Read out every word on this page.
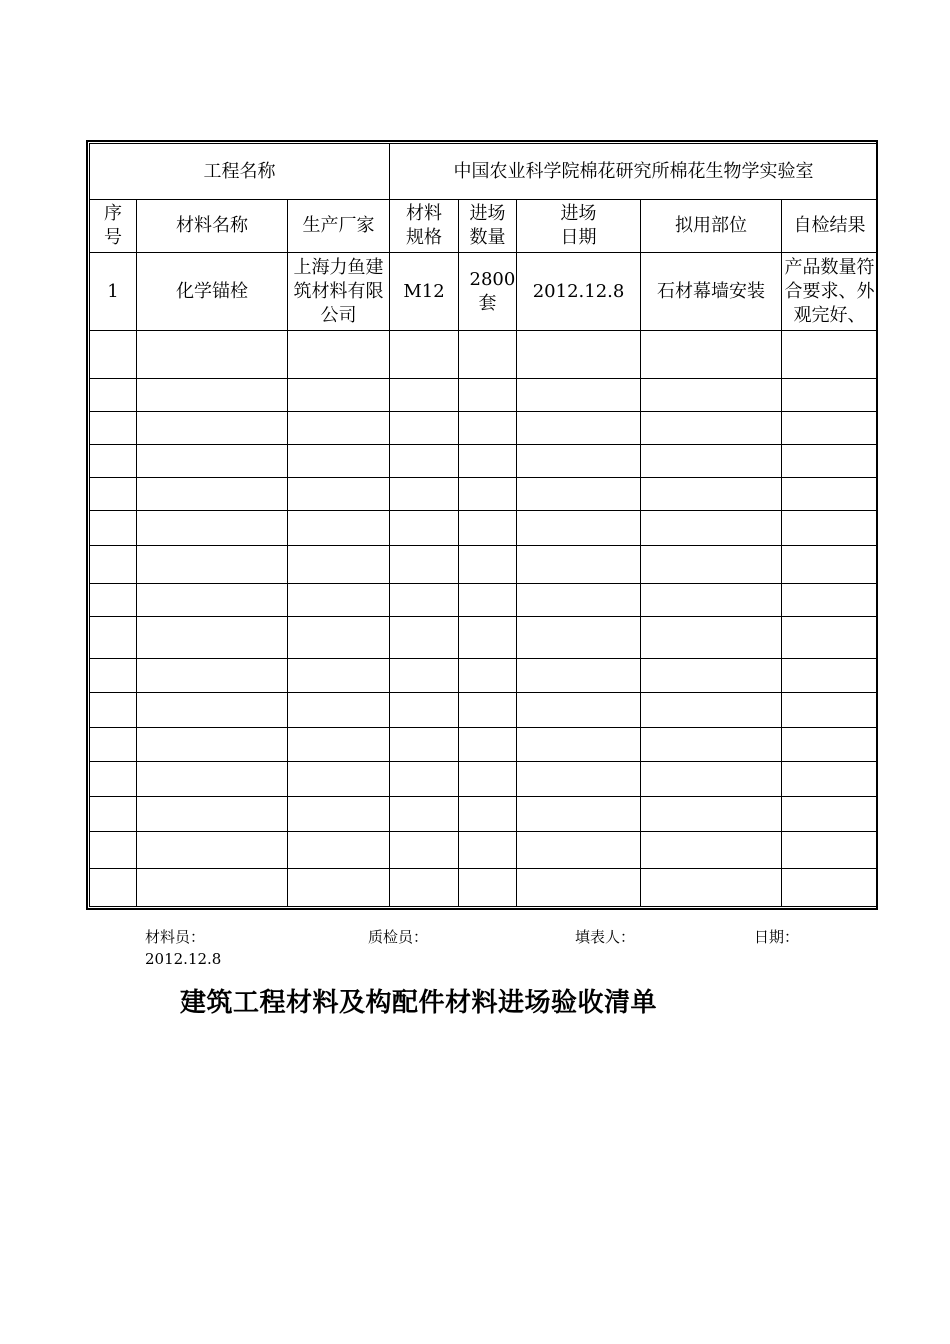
工程名称			中国农业科学院棉花研究所棉花生物学实验室				

序号	材料名称	生产厂家	材料规格	进场数量	进场日期	拟用部位	自检结果
1	化学锚栓	上海力鱼建筑材料有限公司	M12	2800套	2012.12.8	石材幕墙安装	产品数量符合要求、外观完好、

材料员：	质检员：	填表人：	日期：
2012.12.8
建筑工程材料及构配件材料进场验收清单
